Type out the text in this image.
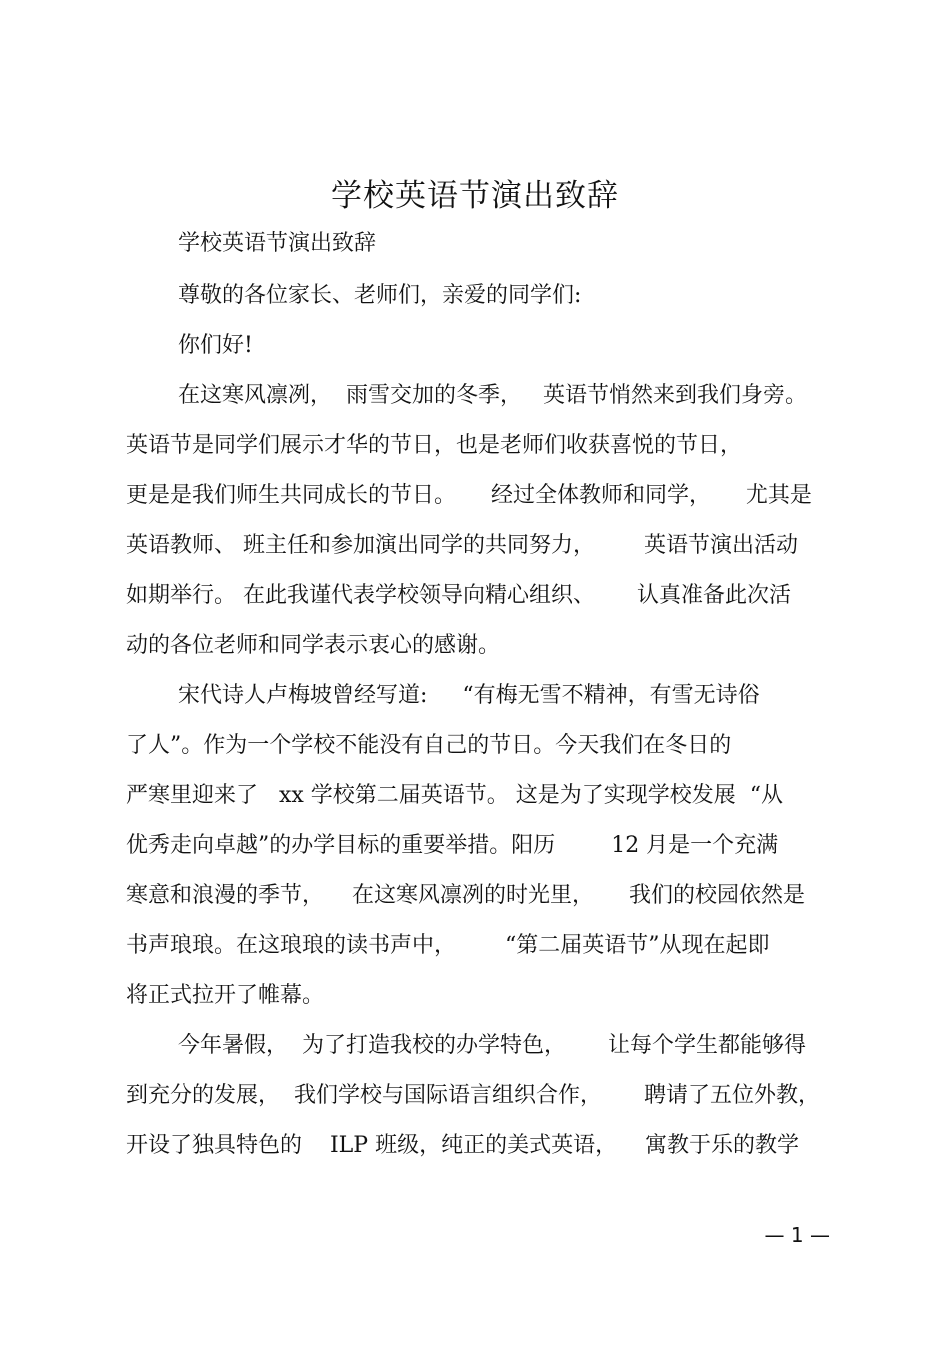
学校英语节演出致辞
学校英语节演出致辞
尊敬的各位家长、老师们，亲爱的同学们:
你们好!
在这寒风凛冽，  雨雪交加的冬季，   英语节悄然来到我们身旁。
英语节是同学们展示才华的节日，也是老师们收获喜悦的节日，
更是是我们师生共同成长的节日。     经过全体教师和同学，     尤其是
英语教师、 班主任和参加演出同学的共同努力，       英语节演出活动
如期举行。 在此我谨代表学校领导向精心组织、      认真准备此次活
动的各位老师和同学表示衷心的感谢。
宋代诗人卢梅坡曾经写道:     “有梅无雪不精神，有雪无诗俗
了人”。作为一个学校不能没有自己的节日。今天我们在冬日的
严寒里迎来了   xx 学校第二届英语节。 这是为了实现学校发展  “从
优秀走向卓越”的办学目标的重要举措。阳历        12 月是一个充满
寒意和浪漫的季节，    在这寒风凛冽的时光里，     我们的校园依然是
书声琅琅。在这琅琅的读书声中，       “第二届英语节”从现在起即
将正式拉开了帷幕。
今年暑假，  为了打造我校的办学特色，      让每个学生都能够得
到充分的发展，  我们学校与国际语言组织合作，      聘请了五位外教，
开设了独具特色的    ILP 班级，纯正的美式英语，    寓教于乐的教学
— 1 —
